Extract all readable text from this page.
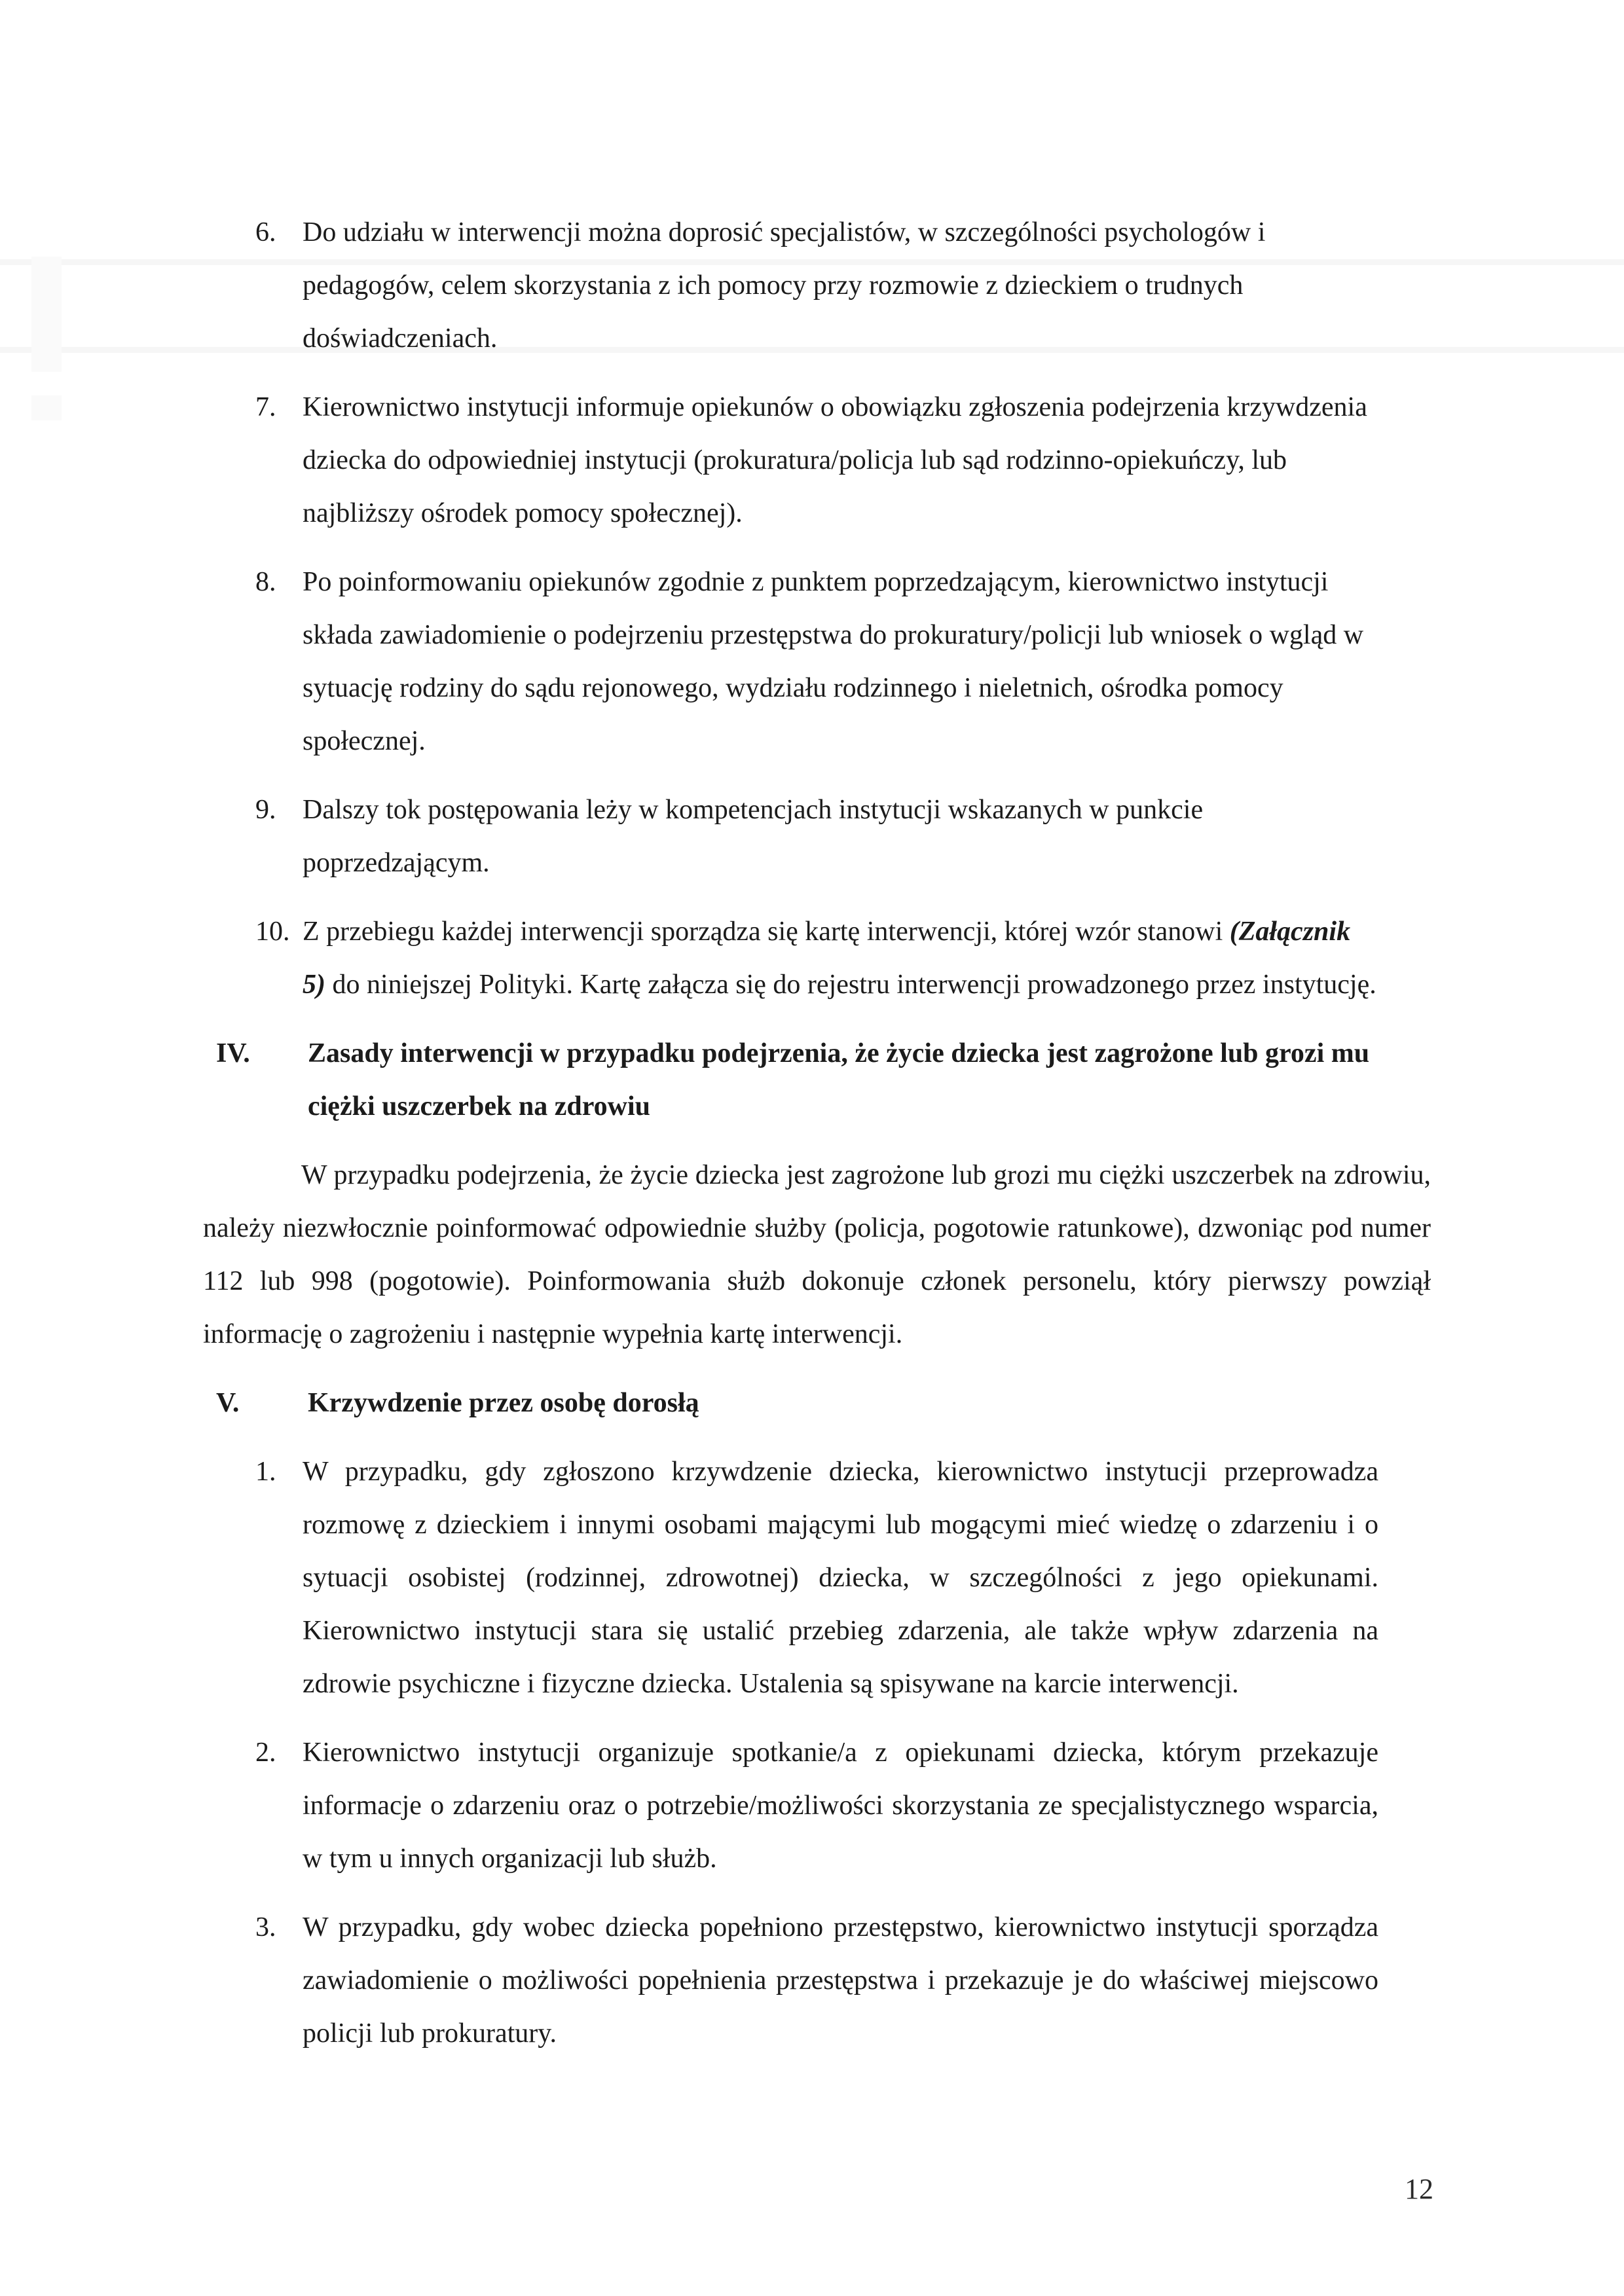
6. Do udziału w interwencji można doprosić specjalistów, w szczególności psychologów i pedagogów, celem skorzystania z ich pomocy przy rozmowie z dzieckiem o trudnych doświadczeniach.
7. Kierownictwo instytucji informuje opiekunów o obowiązku zgłoszenia podejrzenia krzywdzenia dziecka do odpowiedniej instytucji (prokuratura/policja lub sąd rodzinno-opiekuńczy, lub najbliższy ośrodek pomocy społecznej).
8. Po poinformowaniu opiekunów zgodnie z punktem poprzedzającym, kierownictwo instytucji składa zawiadomienie o podejrzeniu przestępstwa do prokuratury/policji lub wniosek o wgląd w sytuację rodziny do sądu rejonowego, wydziału rodzinnego i nieletnich, ośrodka pomocy społecznej.
9. Dalszy tok postępowania leży w kompetencjach instytucji wskazanych w punkcie poprzedzającym.
10. Z przebiegu każdej interwencji sporządza się kartę interwencji, której wzór stanowi (Załącznik 5) do niniejszej Polityki. Kartę załącza się do rejestru interwencji prowadzonego przez instytucję.
IV.	Zasady interwencji w przypadku podejrzenia, że życie dziecka jest zagrożone lub grozi mu ciężki uszczerbek na zdrowiu

W przypadku podejrzenia, że życie dziecka jest zagrożone lub grozi mu ciężki uszczerbek na zdrowiu, należy niezwłocznie poinformować odpowiednie służby (policja, pogotowie ratunkowe), dzwoniąc pod numer 112 lub 998 (pogotowie). Poinformowania służb dokonuje członek personelu, który pierwszy powziął informację o zagrożeniu i następnie wypełnia kartę interwencji.

V.	Krzywdzenie przez osobę dorosłą
1. W przypadku, gdy zgłoszono krzywdzenie dziecka, kierownictwo instytucji przeprowadza rozmowę z dzieckiem i innymi osobami mającymi lub mogącymi mieć wiedzę o zdarzeniu i o sytuacji osobistej (rodzinnej, zdrowotnej) dziecka, w szczególności z jego opiekunami. Kierownictwo instytucji stara się ustalić przebieg zdarzenia, ale także wpływ zdarzenia na zdrowie psychiczne i fizyczne dziecka. Ustalenia są spisywane na karcie interwencji.
2. Kierownictwo instytucji organizuje spotkanie/a z opiekunami dziecka, którym przekazuje informacje o zdarzeniu oraz o potrzebie/możliwości skorzystania ze specjalistycznego wsparcia, w tym u innych organizacji lub służb.
3. W przypadku, gdy wobec dziecka popełniono przestępstwo, kierownictwo instytucji sporządza zawiadomienie o możliwości popełnienia przestępstwa i przekazuje je do właściwej miejscowo policji lub prokuratury.
12
